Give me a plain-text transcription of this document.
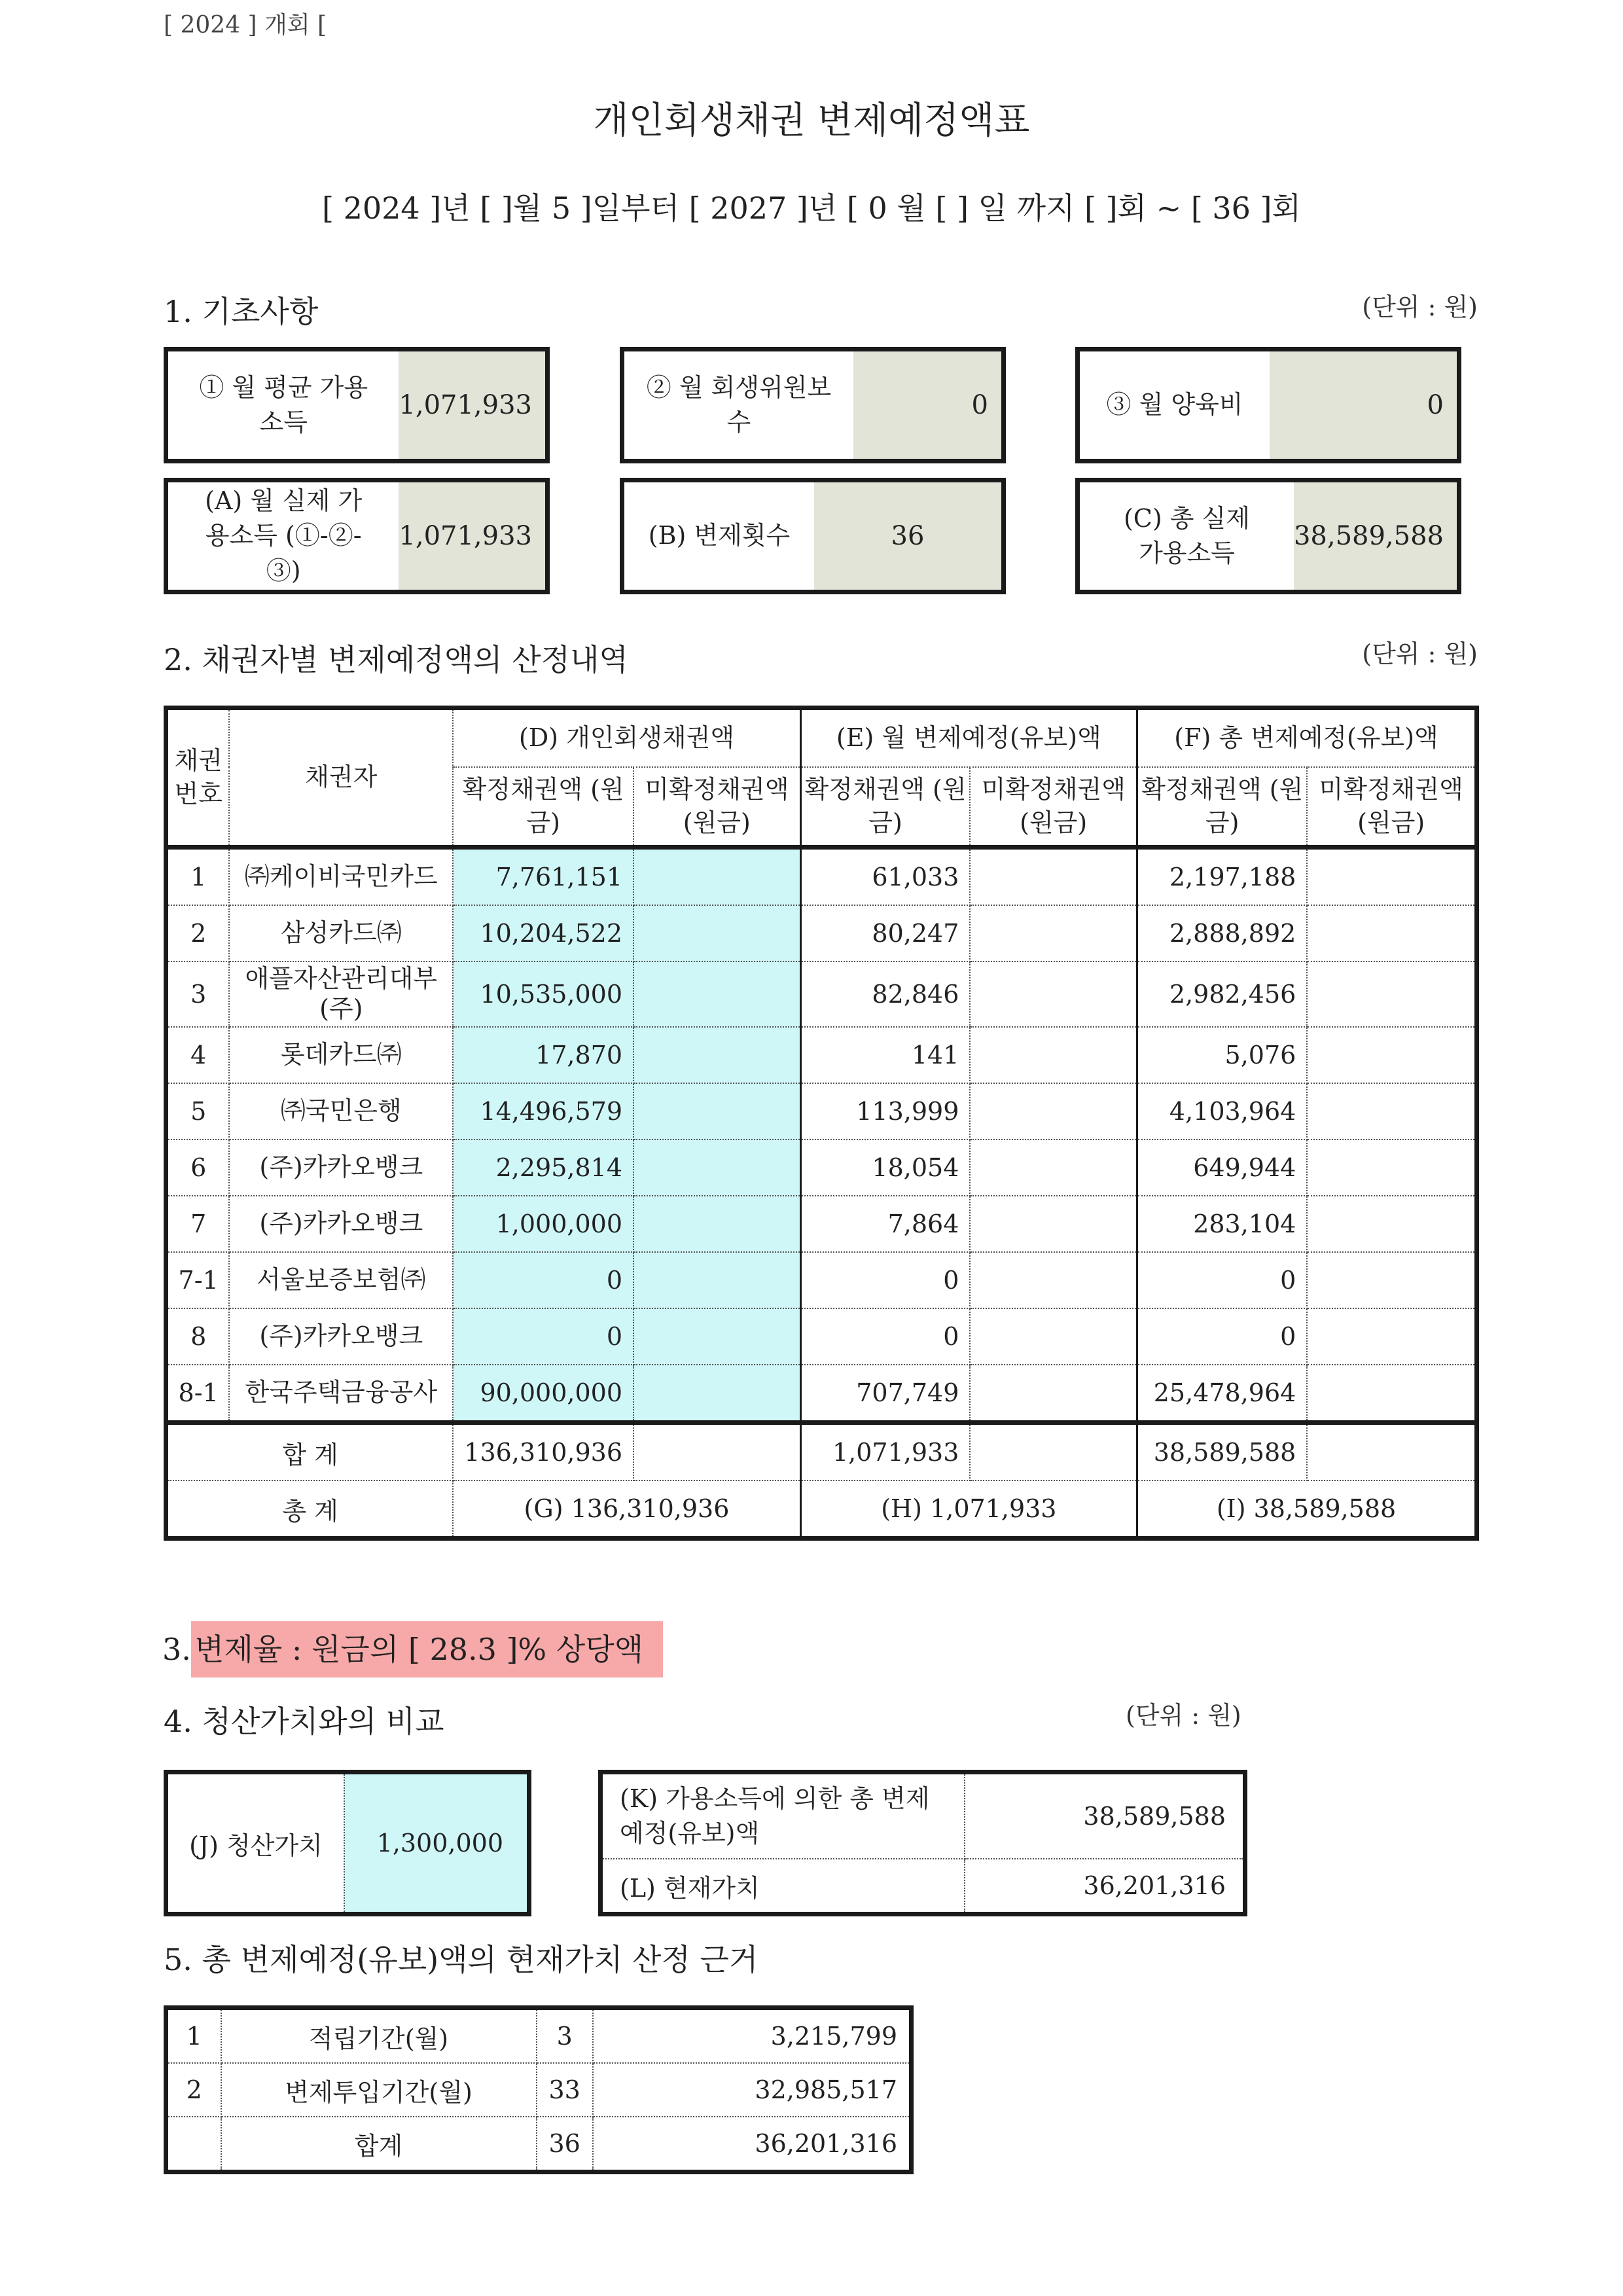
[ 2024 ] 개회 [
개인회생채권 변제예정액표
[ 2024 ]년 [ ]월 5 ]일부터 [ 2027 ]년 [ 0 월 [ ] 일 까지 [ ]회 ~ [ 36 ]회
1. 기초사항	(단위 : 원)
① 월 평균 가용소득
1,071,933
② 월 회생위원보수
0	③ 월 양육비	0
(A) 월 실제 가용소득 (①-②-③)
1,071,933	(B) 변제횟수	36
(C) 총 실제 가용소득
38,589,588
2. 채권자별 변제예정액의 산정내역	(단위 : 원)
채권 번호	채권자	(D) 개인회생채권액		(E) 월 변제예정(유보)액		(F) 총 변제예정(유보)액	
		확정채권액 (원금)	미확정채권액 (원금)	확정채권액 (원금)	미확정채권액 (원금)	확정채권액 (원금)	미확정채권액 (원금)
1	㈜케이비국민카드	7,761,151		61,033		2,197,188	
2	삼성카드㈜	10,204,522		80,247		2,888,892	
3	애플자산관리대부 (주)	10,535,000		82,846		2,982,456	
4	롯데카드㈜	17,870		141		5,076	
5	㈜국민은행	14,496,579		113,999		4,103,964	
6	(주)카카오뱅크	2,295,814		18,054		649,944	
7	(주)카카오뱅크	1,000,000		7,864		283,104	
7-1	서울보증보험㈜	0		0		0	
8	(주)카카오뱅크	0		0		0	
8-1	한국주택금융공사	90,000,000		707,749		25,478,964	
합 계		136,310,936		1,071,933		38,589,588	
총 계		(G) 136,310,936		(H) 1,071,933		(I) 38,589,588	
3. 변제율 : 원금의 [ 28.3 ]% 상당액
4. 청산가치와의 비교	(단위 : 원)
(J) 청산가치	1,300,000
(K) 가용소득에 의한 총 변제예정(유보)액	38,589,588
(L) 현재가치	36,201,316
5. 총 변제예정(유보)액의 현재가치 산정 근거
1	적립기간(월)	3	3,215,799
2	변제투입기간(월)	33	32,985,517
	합계	36	36,201,316
